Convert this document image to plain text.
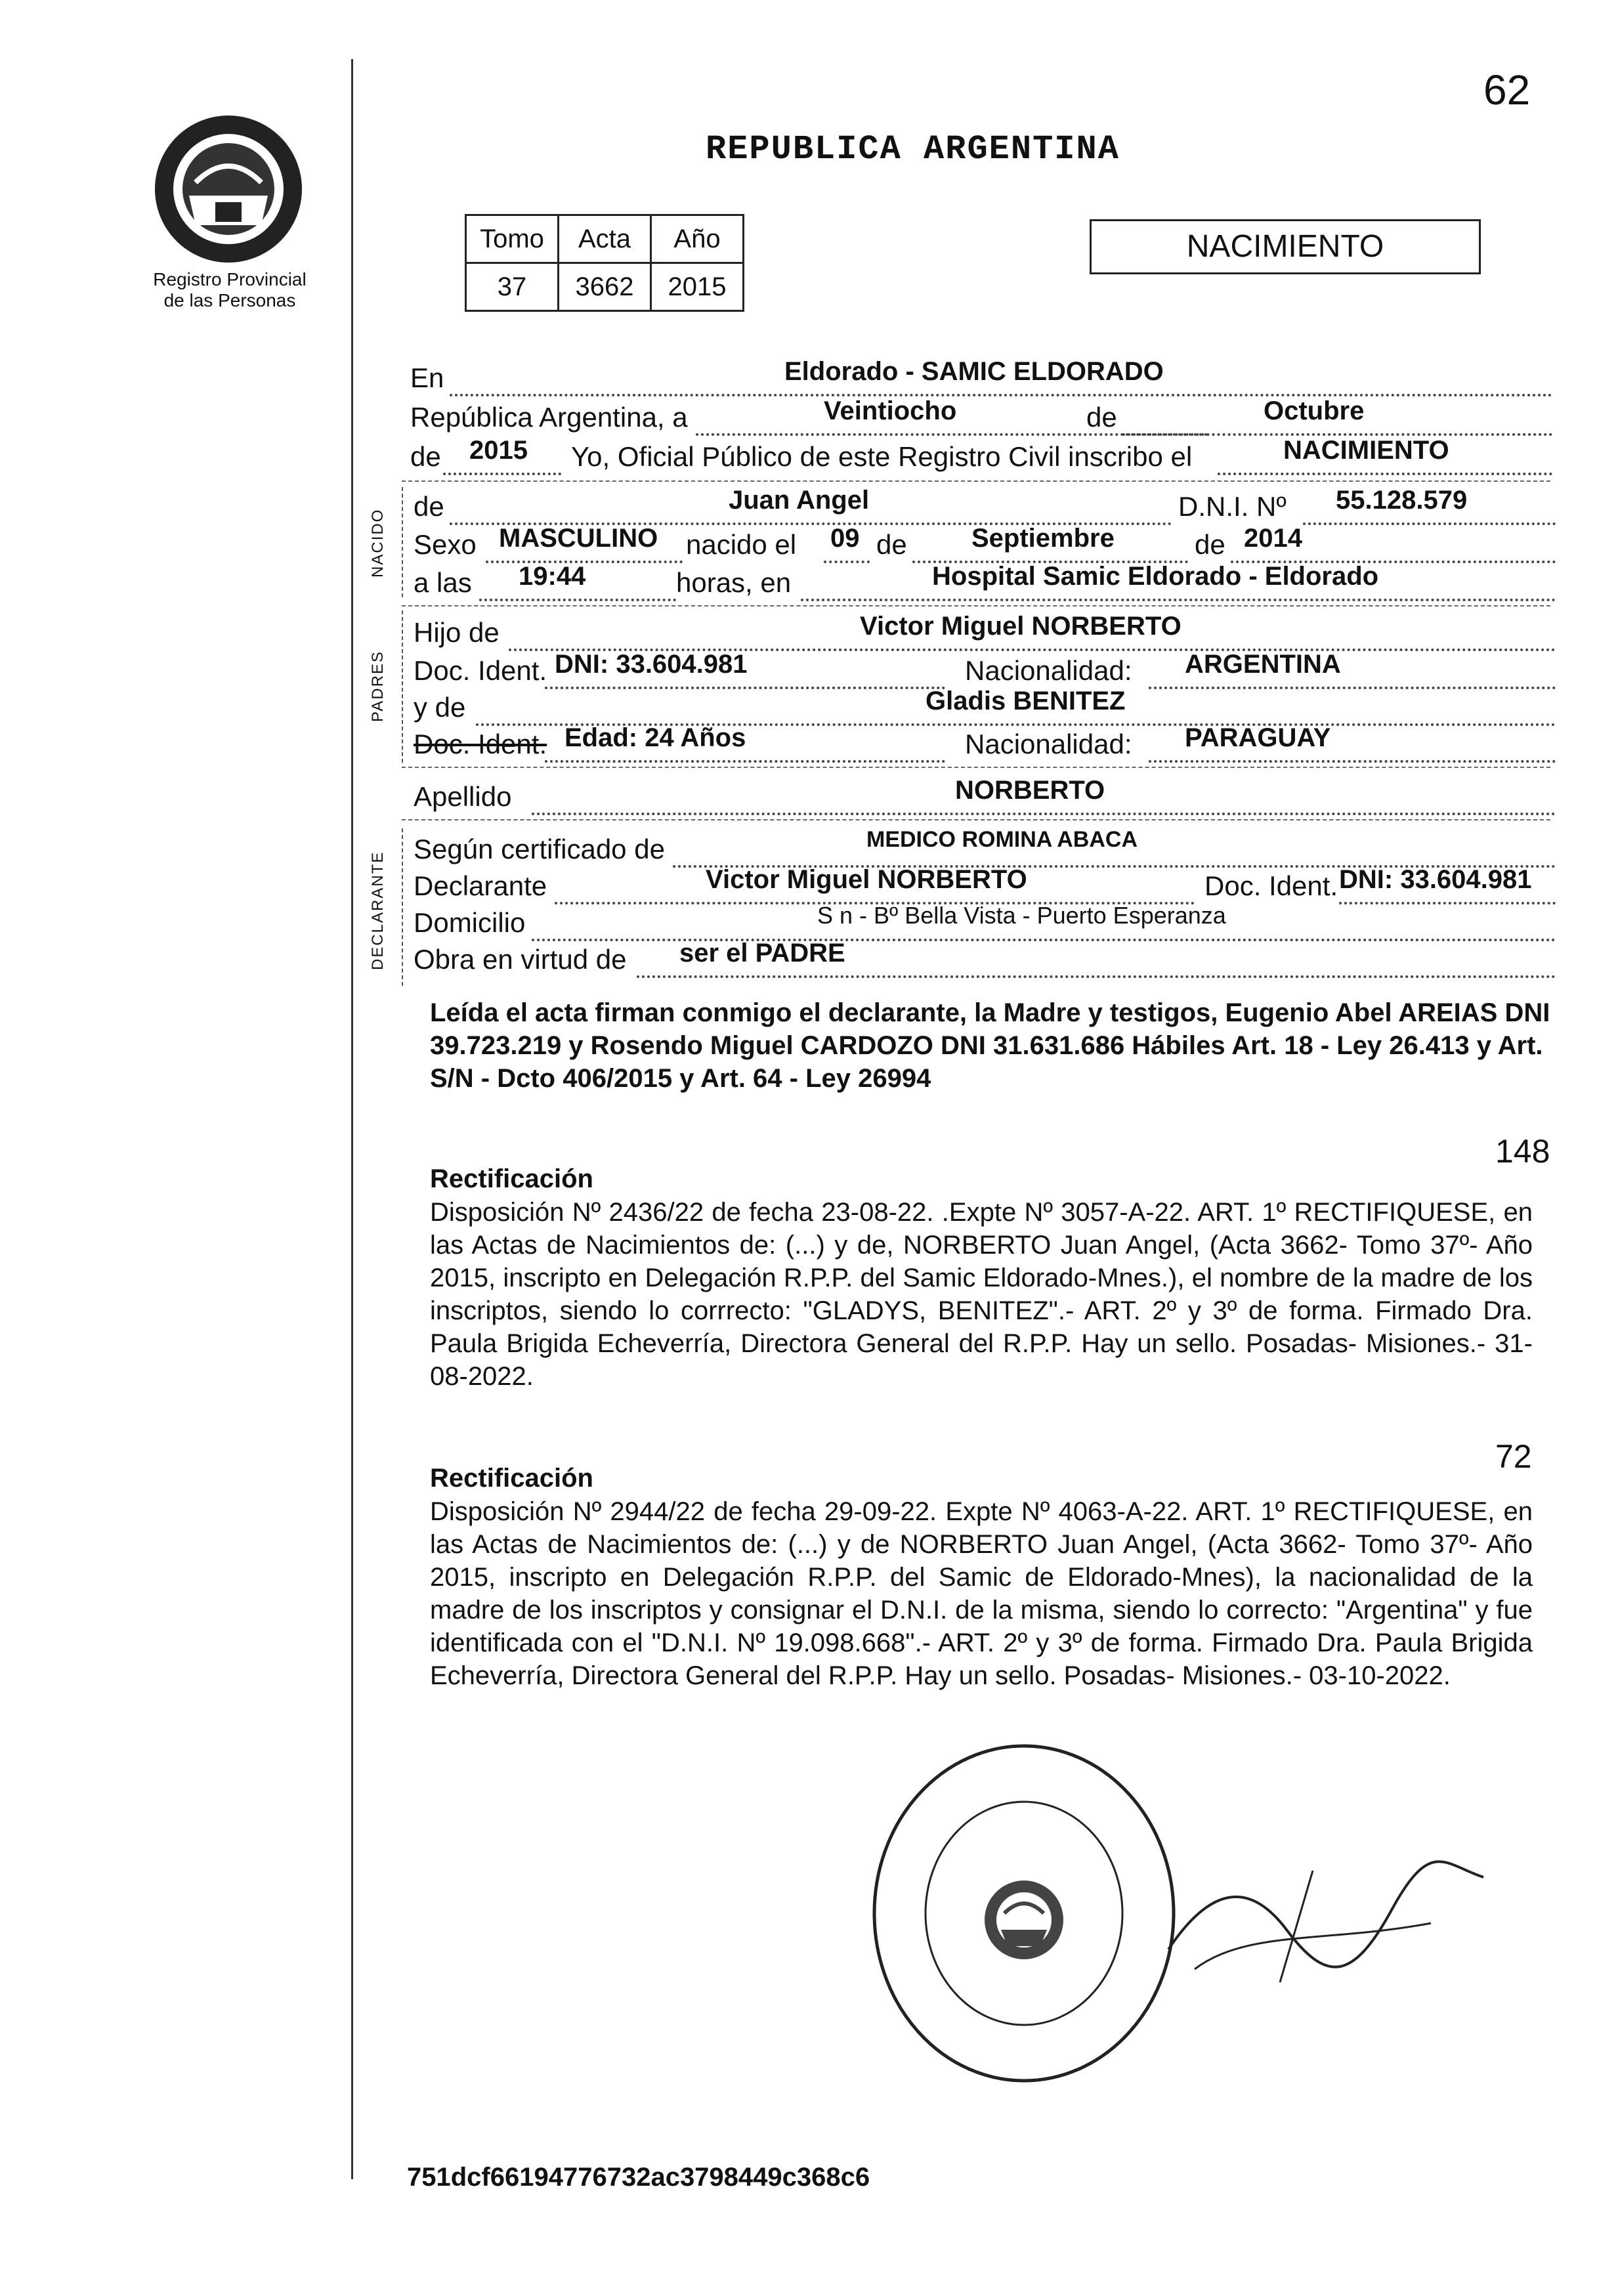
Registro Provincial
de las Personas
62
REPUBLICA ARGENTINA
Tomo	Acta	Año
37	3662	2015
NACIMIENTO
En	Eldorado - SAMIC ELDORADO
República Argentina, a	Veintiocho	de	Octubre
de 2015 Yo, Oficial Público de este Registro Civil inscribo el	NACIMIENTO
NACIDO
de	Juan Angel	D.N.I. Nº 55.128.579
Sexo MASCULINO nacido el 09 de Septiembre	de 2014
a las 19:44	horas, en	Hospital Samic Eldorado - Eldorado
PADRES
Hijo de	Victor Miguel NORBERTO
Doc. Ident. DNI: 33.604.981	Nacionalidad: ARGENTINA
y de	Gladis BENITEZ
Doc. Ident. Edad: 24 Años	Nacionalidad: PARAGUAY
Apellido	NORBERTO
DECLARANTE
Según certificado de	MEDICO ROMINA ABACA
Declarante	Victor Miguel NORBERTO	Doc. Ident. DNI: 33.604.981
Domicilio	S n - Bº Bella Vista - Puerto Esperanza
Obra en virtud de ser el PADRE
Leída el acta firman conmigo el declarante, la Madre y testigos, Eugenio Abel AREIAS DNI 39.723.219 y Rosendo Miguel CARDOZO DNI 31.631.686 Hábiles Art. 18 - Ley 26.413 y Art. S/N - Dcto 406/2015 y Art. 64 - Ley 26994
148
Rectificación
Disposición Nº 2436/22 de fecha 23-08-22. .Expte Nº 3057-A-22. ART. 1º RECTIFIQUESE, en las Actas de Nacimientos de: (...) y de, NORBERTO Juan Angel, (Acta 3662- Tomo 37º- Año 2015, inscripto en Delegación R.P.P. del Samic Eldorado-Mnes.), el nombre de la madre de los inscriptos, siendo lo corrrecto: "GLADYS, BENITEZ".- ART. 2º y 3º de forma. Firmado Dra. Paula Brigida Echeverría, Directora General del R.P.P. Hay un sello. Posadas- Misiones.- 31-08-2022.
72
Rectificación
Disposición Nº 2944/22 de fecha 29-09-22. Expte Nº 4063-A-22. ART. 1º RECTIFIQUESE, en las Actas de Nacimientos de: (...) y de NORBERTO Juan Angel, (Acta 3662- Tomo 37º- Año 2015, inscripto en Delegación R.P.P. del Samic de Eldorado-Mnes), la nacionalidad de la madre de los inscriptos y consignar el D.N.I. de la misma, siendo lo correcto: "Argentina" y fue identificada con el "D.N.I. Nº 19.098.668".- ART. 2º y 3º de forma. Firmado Dra. Paula Brigida Echeverría, Directora General del R.P.P. Hay un sello. Posadas- Misiones.- 03-10-2022.
751dcf66194776732ac3798449c368c6
